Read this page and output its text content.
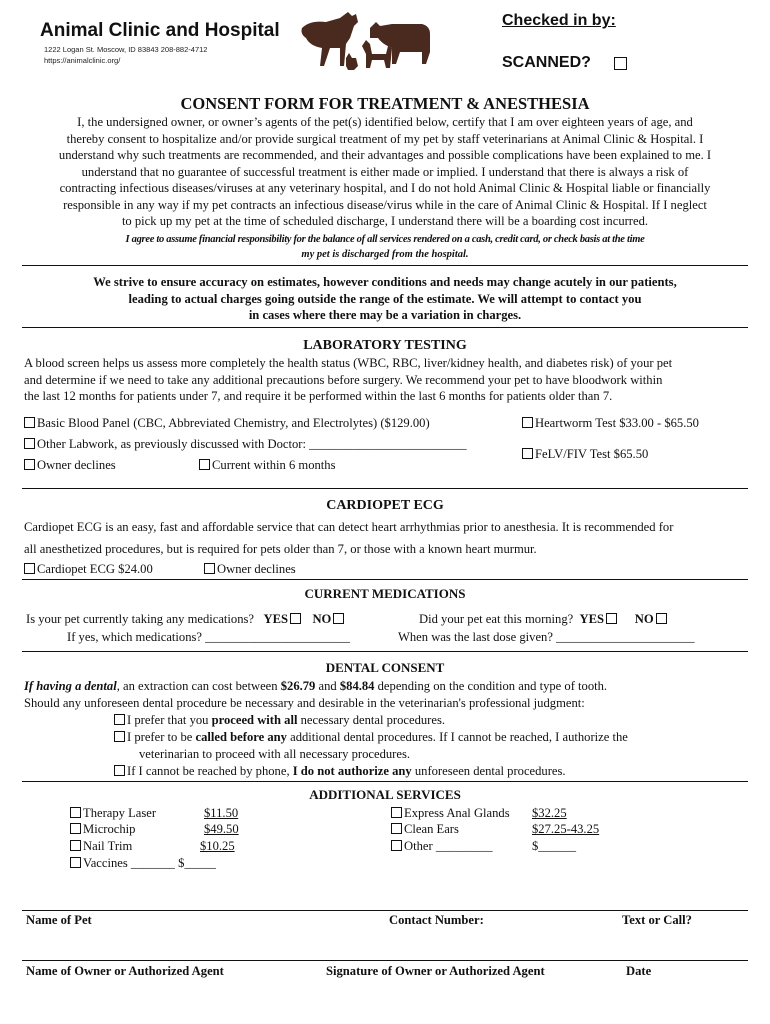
Animal Clinic and Hospital
1222 Logan St. Moscow, ID 83843 208-882-4712
https://animalclinic.org/
Checked in by:
SCANNED?
CONSENT FORM FOR TREATMENT & ANESTHESIA
I, the undersigned owner, or owner’s agents of the pet(s) identified below, certify that I am over eighteen years of age, and
thereby consent to hospitalize and/or provide surgical treatment of my pet by staff veterinarians at Animal Clinic & Hospital. I
understand why such treatments are recommended, and their advantages and possible complications have been explained to me. I
understand that no guarantee of successful treatment is either made or implied. I understand that there is always a risk of
contracting infectious diseases/viruses at any veterinary hospital, and I do not hold Animal Clinic & Hospital liable or financially
responsible in any way if my pet contracts an infectious disease/virus while in the care of Animal Clinic & Hospital. If I neglect
to pick up my pet at the time of scheduled discharge, I understand there will be a boarding cost incurred.
I agree to assume financial responsibility for the balance of all services rendered on a cash, credit card, or check basis at the time
my pet is discharged from the hospital.
We strive to ensure accuracy on estimates, however conditions and needs may change acutely in our patients,
leading to actual charges going outside the range of the estimate. We will attempt to contact you
in cases where there may be a variation in charges.
LABORATORY TESTING
A blood screen helps us assess more completely the health status (WBC, RBC, liver/kidney health, and diabetes risk) of your pet
and determine if we need to take any additional precautions before surgery. We recommend your pet to have bloodwork within
the last 12 months for patients under 7, and require it be performed within the last 6 months for patients older than 7.
Basic Blood Panel (CBC, Abbreviated Chemistry, and Electrolytes) ($129.00)
Other Labwork, as previously discussed with Doctor: _________________________
Owner declines	Current within 6 months
Heartworm Test $33.00 - $65.50
FeLV/FIV Test $65.50
CARDIOPET ECG
Cardiopet ECG is an easy, fast and affordable service that can detect heart arrhythmias prior to anesthesia. It is recommended for
all anesthetized procedures, but is required for pets older than 7, or those with a known heart murmur.
Cardiopet ECG $24.00	Owner declines
CURRENT MEDICATIONS
Is your pet currently taking any medications? YES NO	Did your pet eat this morning? YES NO
If yes, which medications? _______________________	When was the last dose given? ______________________
DENTAL CONSENT
If having a dental, an extraction can cost between $26.79 and $84.84 depending on the condition and type of tooth.
Should any unforeseen dental procedure be necessary and desirable in the veterinarian's professional judgment:
I prefer that you proceed with all necessary dental procedures.
I prefer to be called before any additional dental procedures. If I cannot be reached, I authorize the
veterinarian to proceed with all necessary procedures.
If I cannot be reached by phone, I do not authorize any unforeseen dental procedures.
ADDITIONAL SERVICES
Therapy Laser	$11.50
Microchip	$49.50
Nail Trim	$10.25
Vaccines _______ $_____
Express Anal Glands $32.25
Clean Ears	$27.25-43.25
Other _________	$______
Name of Pet	Contact Number:	Text or Call?
Name of Owner or Authorized Agent	Signature of Owner or Authorized Agent	Date
